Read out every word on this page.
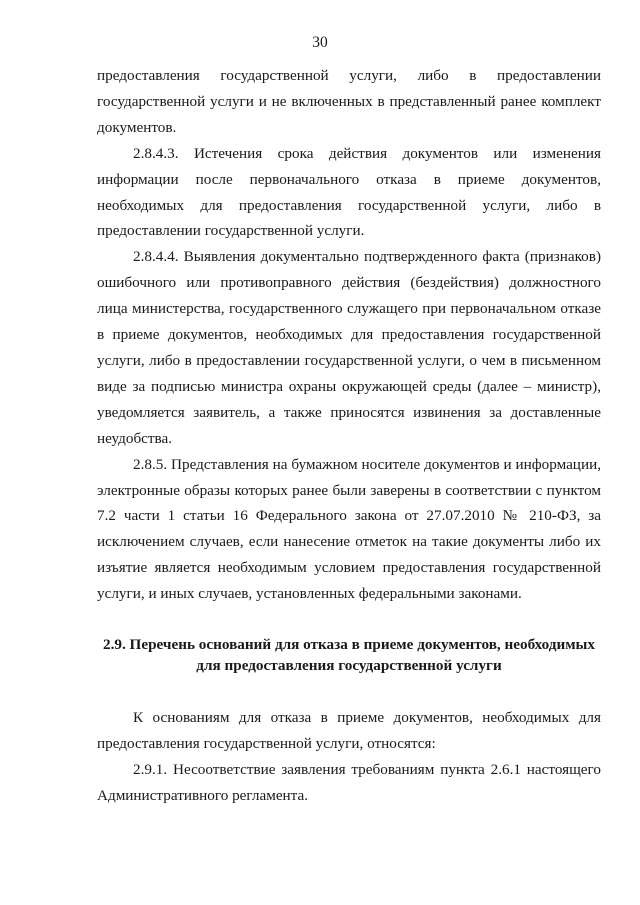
30

предоставления государственной услуги, либо в предоставлении государственной услуги и не включенных в представленный ранее комплект документов.

2.8.4.3. Истечения срока действия документов или изменения информации после первоначального отказа в приеме документов, необходимых для предоставления государственной услуги, либо в предоставлении государственной услуги.

2.8.4.4. Выявления документально подтвержденного факта (признаков) ошибочного или противоправного действия (бездействия) должностного лица министерства, государственного служащего при первоначальном отказе в приеме документов, необходимых для предоставления государственной услуги, либо в предоставлении государственной услуги, о чем в письменном виде за подписью министра охраны окружающей среды (далее – министр), уведомляется заявитель, а также приносятся извинения за доставленные неудобства.

2.8.5. Представления на бумажном носителе документов и информации, электронные образы которых ранее были заверены в соответствии с пунктом 7.2 части 1 статьи 16 Федерального закона от 27.07.2010 № 210-ФЗ, за исключением случаев, если нанесение отметок на такие документы либо их изъятие является необходимым условием предоставления государственной услуги, и иных случаев, установленных федеральными законами.

2.9. Перечень оснований для отказа в приеме документов, необходимых

для предоставления государственной услуги

К основаниям для отказа в приеме документов, необходимых для предоставления государственной услуги, относятся:

2.9.1. Несоответствие заявления требованиям пункта 2.6.1 настоящего Административного регламента.
